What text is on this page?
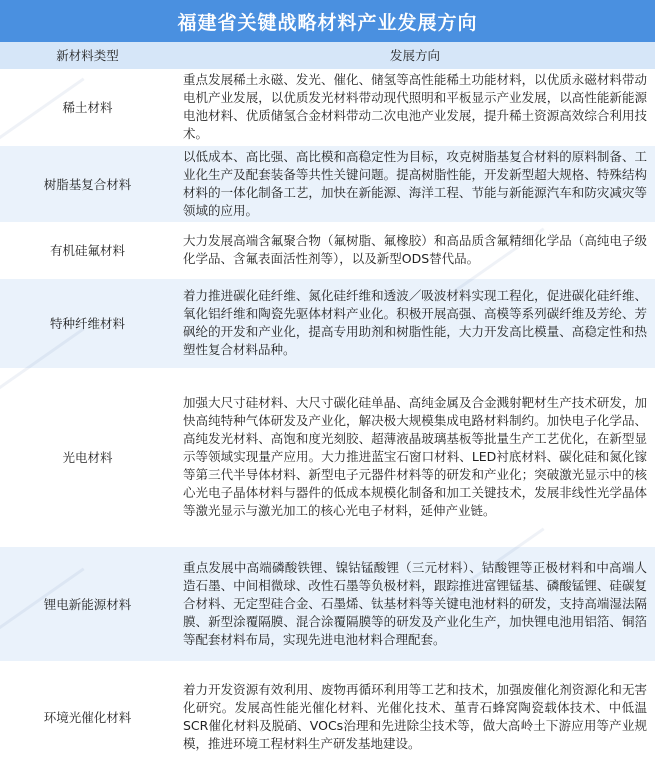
福建省关键战略材料产业发展方向
新材料类型	发展方向
稀土材料	重点发展稀土永磁、发光、催化、储氢等高性能稀土功能材料，以优质永磁材料带动电机产业发展，以优质发光材料带动现代照明和平板显示产业发展，以高性能新能源电池材料、优质储氢合金材料带动二次电池产业发展，提升稀土资源高效综合利用技术。
树脂基复合材料	以低成本、高比强、高比模和高稳定性为目标，攻克树脂基复合材料的原料制备、工业化生产及配套装备等共性关键问题。提高树脂性能，开发新型超大规格、特殊结构材料的一体化制备工艺，加快在新能源、海洋工程、节能与新能源汽车和防灾减灾等领域的应用。
有机硅氟材料	大力发展高端含氟聚合物（氟树脂、氟橡胶）和高品质含氟精细化学品（高纯电子级化学品、含氟表面活性剂等），以及新型ODS替代品。
特种纤维材料	着力推进碳化硅纤维、氮化硅纤维和透波／吸波材料实现工程化，促进碳化硅纤维、氧化铝纤维和陶瓷先驱体材料产业化。积极开展高强、高模等系列碳纤维及芳纶、芳砜纶的开发和产业化，提高专用助剂和树脂性能，大力开发高比模量、高稳定性和热塑性复合材料品种。
光电材料	加强大尺寸硅材料、大尺寸碳化硅单晶、高纯金属及合金溅射靶材生产技术研发，加快高纯特种气体研发及产业化，解决极大规模集成电路材料制约。加快电子化学品、高纯发光材料、高饱和度光刻胶、超薄液晶玻璃基板等批量生产工艺优化，在新型显示等领域实现量产应用。大力推进蓝宝石窗口材料、LED衬底材料、碳化硅和氮化镓等第三代半导体材料、新型电子元器件材料等的研发和产业化；突破激光显示中的核心光电子晶体材料与器件的低成本规模化制备和加工关键技术，发展非线性光学晶体等激光显示与激光加工的核心光电子材料，延伸产业链。
锂电新能源材料	重点发展中高端磷酸铁锂、镍钴锰酸锂（三元材料）、钴酸锂等正极材料和中高端人造石墨、中间相微球、改性石墨等负极材料，跟踪推进富锂锰基、磷酸锰锂、硅碳复合材料、无定型硅合金、石墨烯、钛基材料等关键电池材料的研发，支持高端湿法隔膜、新型涂覆隔膜、混合涂覆隔膜等的研发及产业化生产，加快锂电池用铝箔、铜箔等配套材料布局，实现先进电池材料合理配套。
环境光催化材料	着力开发资源有效利用、废物再循环利用等工艺和技术，加强废催化剂资源化和无害化研究。发展高性能光催化材料、光催化技术、堇青石蜂窝陶瓷载体技术、中低温SCR催化材料及脱硝、VOCs治理和先进除尘技术等，做大高岭土下游应用等产业规模，推进环境工程材料生产研发基地建设。
